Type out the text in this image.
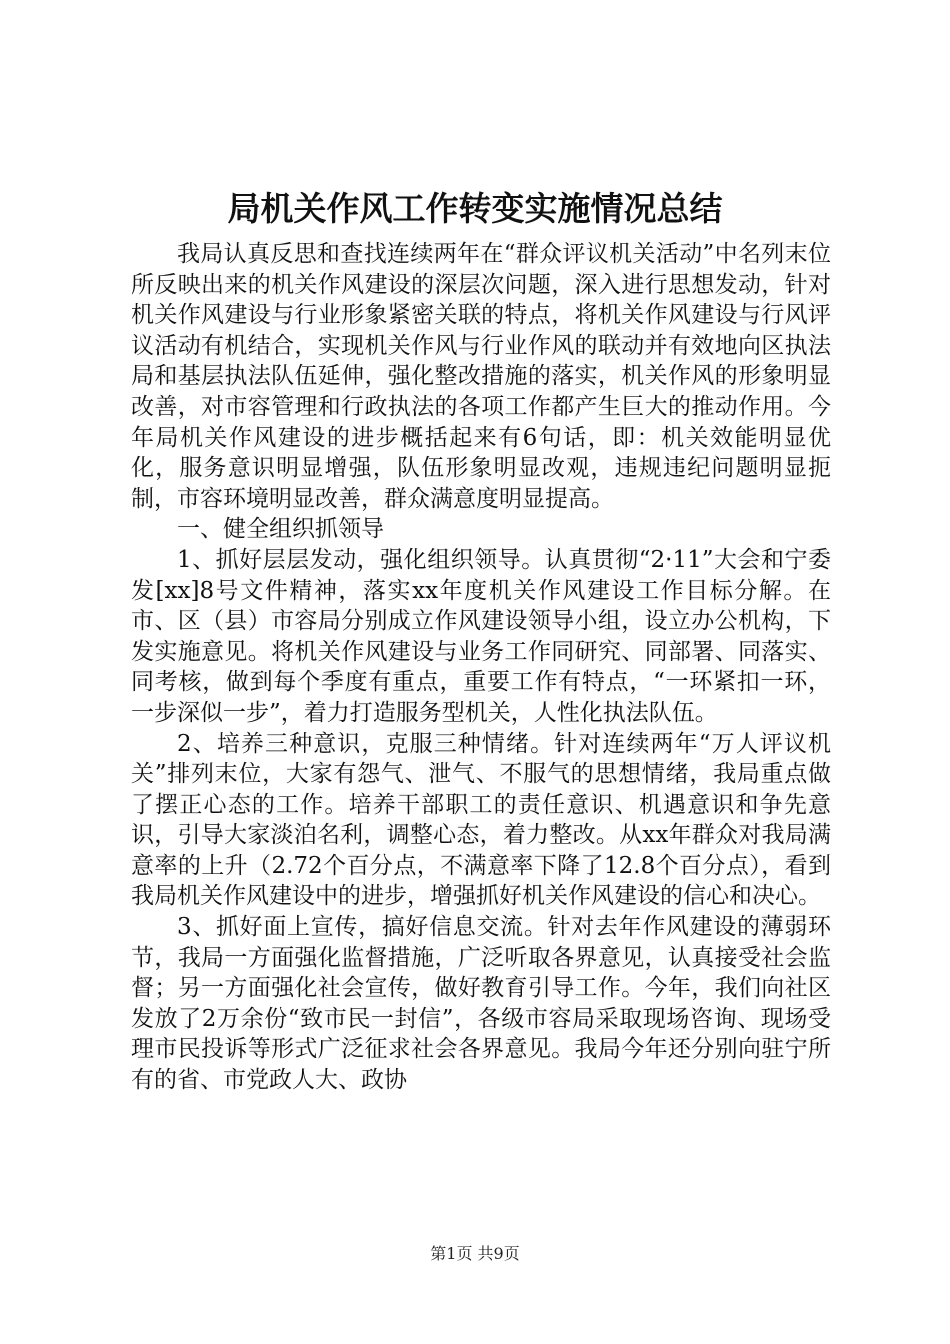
局机关作风工作转变实施情况总结

我局认真反思和查找连续两年在“群众评议机关活动”中名列末位所反映出来的机关作风建设的深层次问题，深入进行思想发动，针对机关作风建设与行业形象紧密关联的特点，将机关作风建设与行风评议活动有机结合，实现机关作风与行业作风的联动并有效地向区执法局和基层执法队伍延伸，强化整改措施的落实，机关作风的形象明显改善，对市容管理和行政执法的各项工作都产生巨大的推动作用。今年局机关作风建设的进步概括起来有6句话，即：机关效能明显优化，服务意识明显增强，队伍形象明显改观，违规违纪问题明显扼制，市容环境明显改善，群众满意度明显提高。

一、健全组织抓领导

1、抓好层层发动，强化组织领导。认真贯彻“2·11”大会和宁委发[xx]8号文件精神，落实xx年度机关作风建设工作目标分解。在市、区（县）市容局分别成立作风建设领导小组，设立办公机构，下发实施意见。将机关作风建设与业务工作同研究、同部署、同落实、同考核，做到每个季度有重点，重要工作有特点，“一环紧扣一环，一步深似一步”，着力打造服务型机关，人性化执法队伍。

2、培养三种意识，克服三种情绪。针对连续两年“万人评议机关”排列末位，大家有怨气、泄气、不服气的思想情绪，我局重点做了摆正心态的工作。培养干部职工的责任意识、机遇意识和争先意识，引导大家淡泊名利，调整心态，着力整改。从xx年群众对我局满意率的上升（2.72个百分点，不满意率下降了12.8个百分点），看到我局机关作风建设中的进步，增强抓好机关作风建设的信心和决心。

3、抓好面上宣传，搞好信息交流。针对去年作风建设的薄弱环节，我局一方面强化监督措施，广泛听取各界意见，认真接受社会监督；另一方面强化社会宣传，做好教育引导工作。今年，我们向社区发放了2万余份“致市民一封信”，各级市容局采取现场咨询、现场受理市民投诉等形式广泛征求社会各界意见。我局今年还分别向驻宁所有的省、市党政人大、政协

第1页 共9页
